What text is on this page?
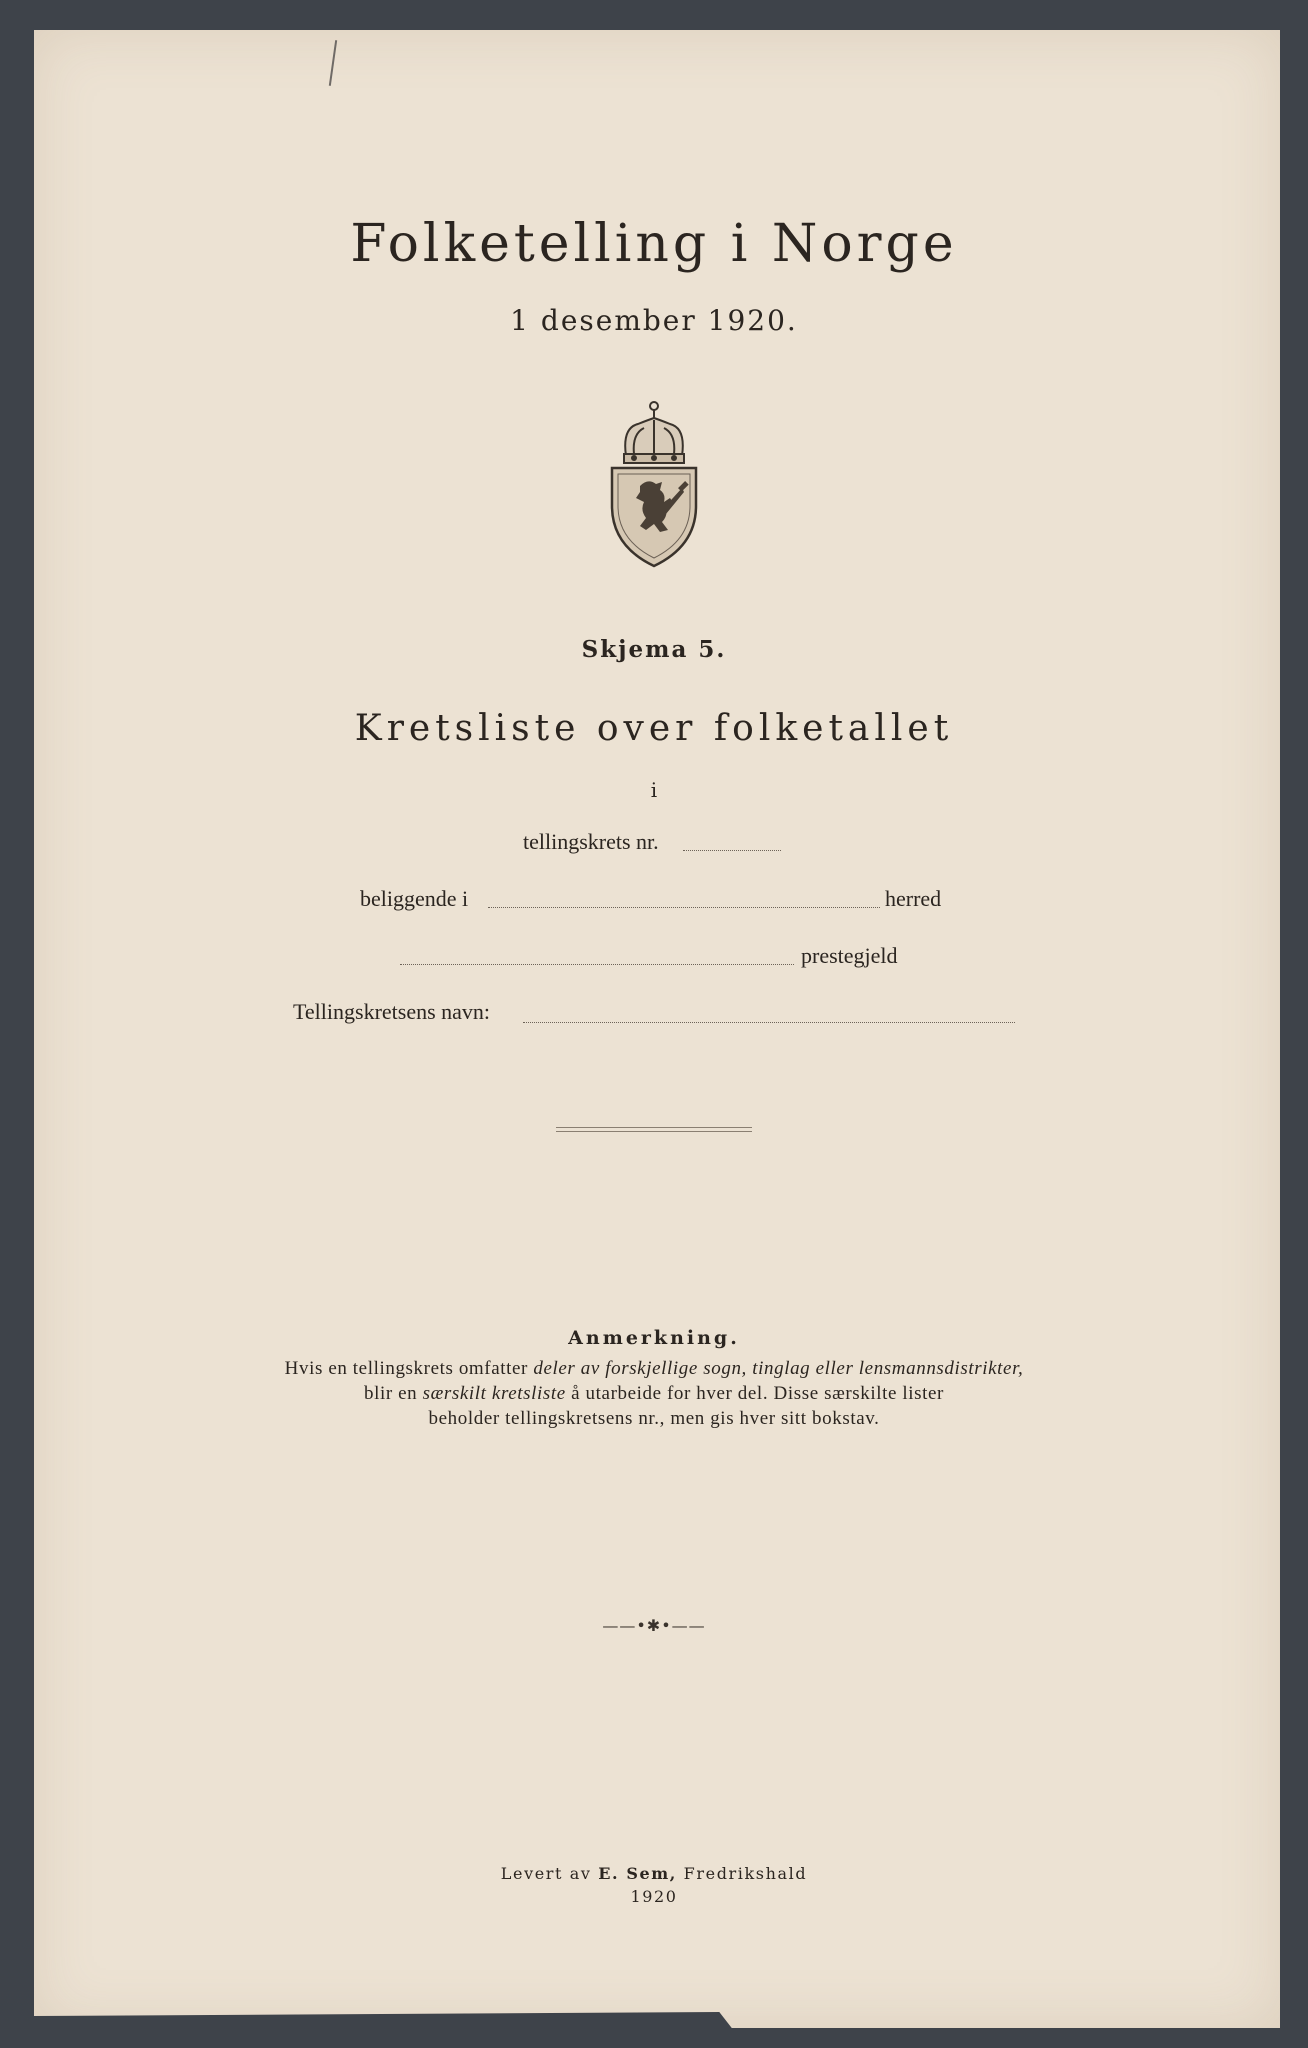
Folketelling i Norge
1 desember 1920.
Skjema 5.
Kretsliste over folketallet
i
tellingskrets nr.
beliggende i	herred
prestegjeld
Tellingskretsens navn:
Anmerkning.
Hvis en tellingskrets omfatter deler av forskjellige sogn, tinglag eller lensmannsdistrikter,
blir en særskilt kretsliste å utarbeide for hver del. Disse særskilte lister
beholder tellingskretsens nr., men gis hver sitt bokstav.
——•✱•——
Levert av E. Sem, Fredrikshald
1920
